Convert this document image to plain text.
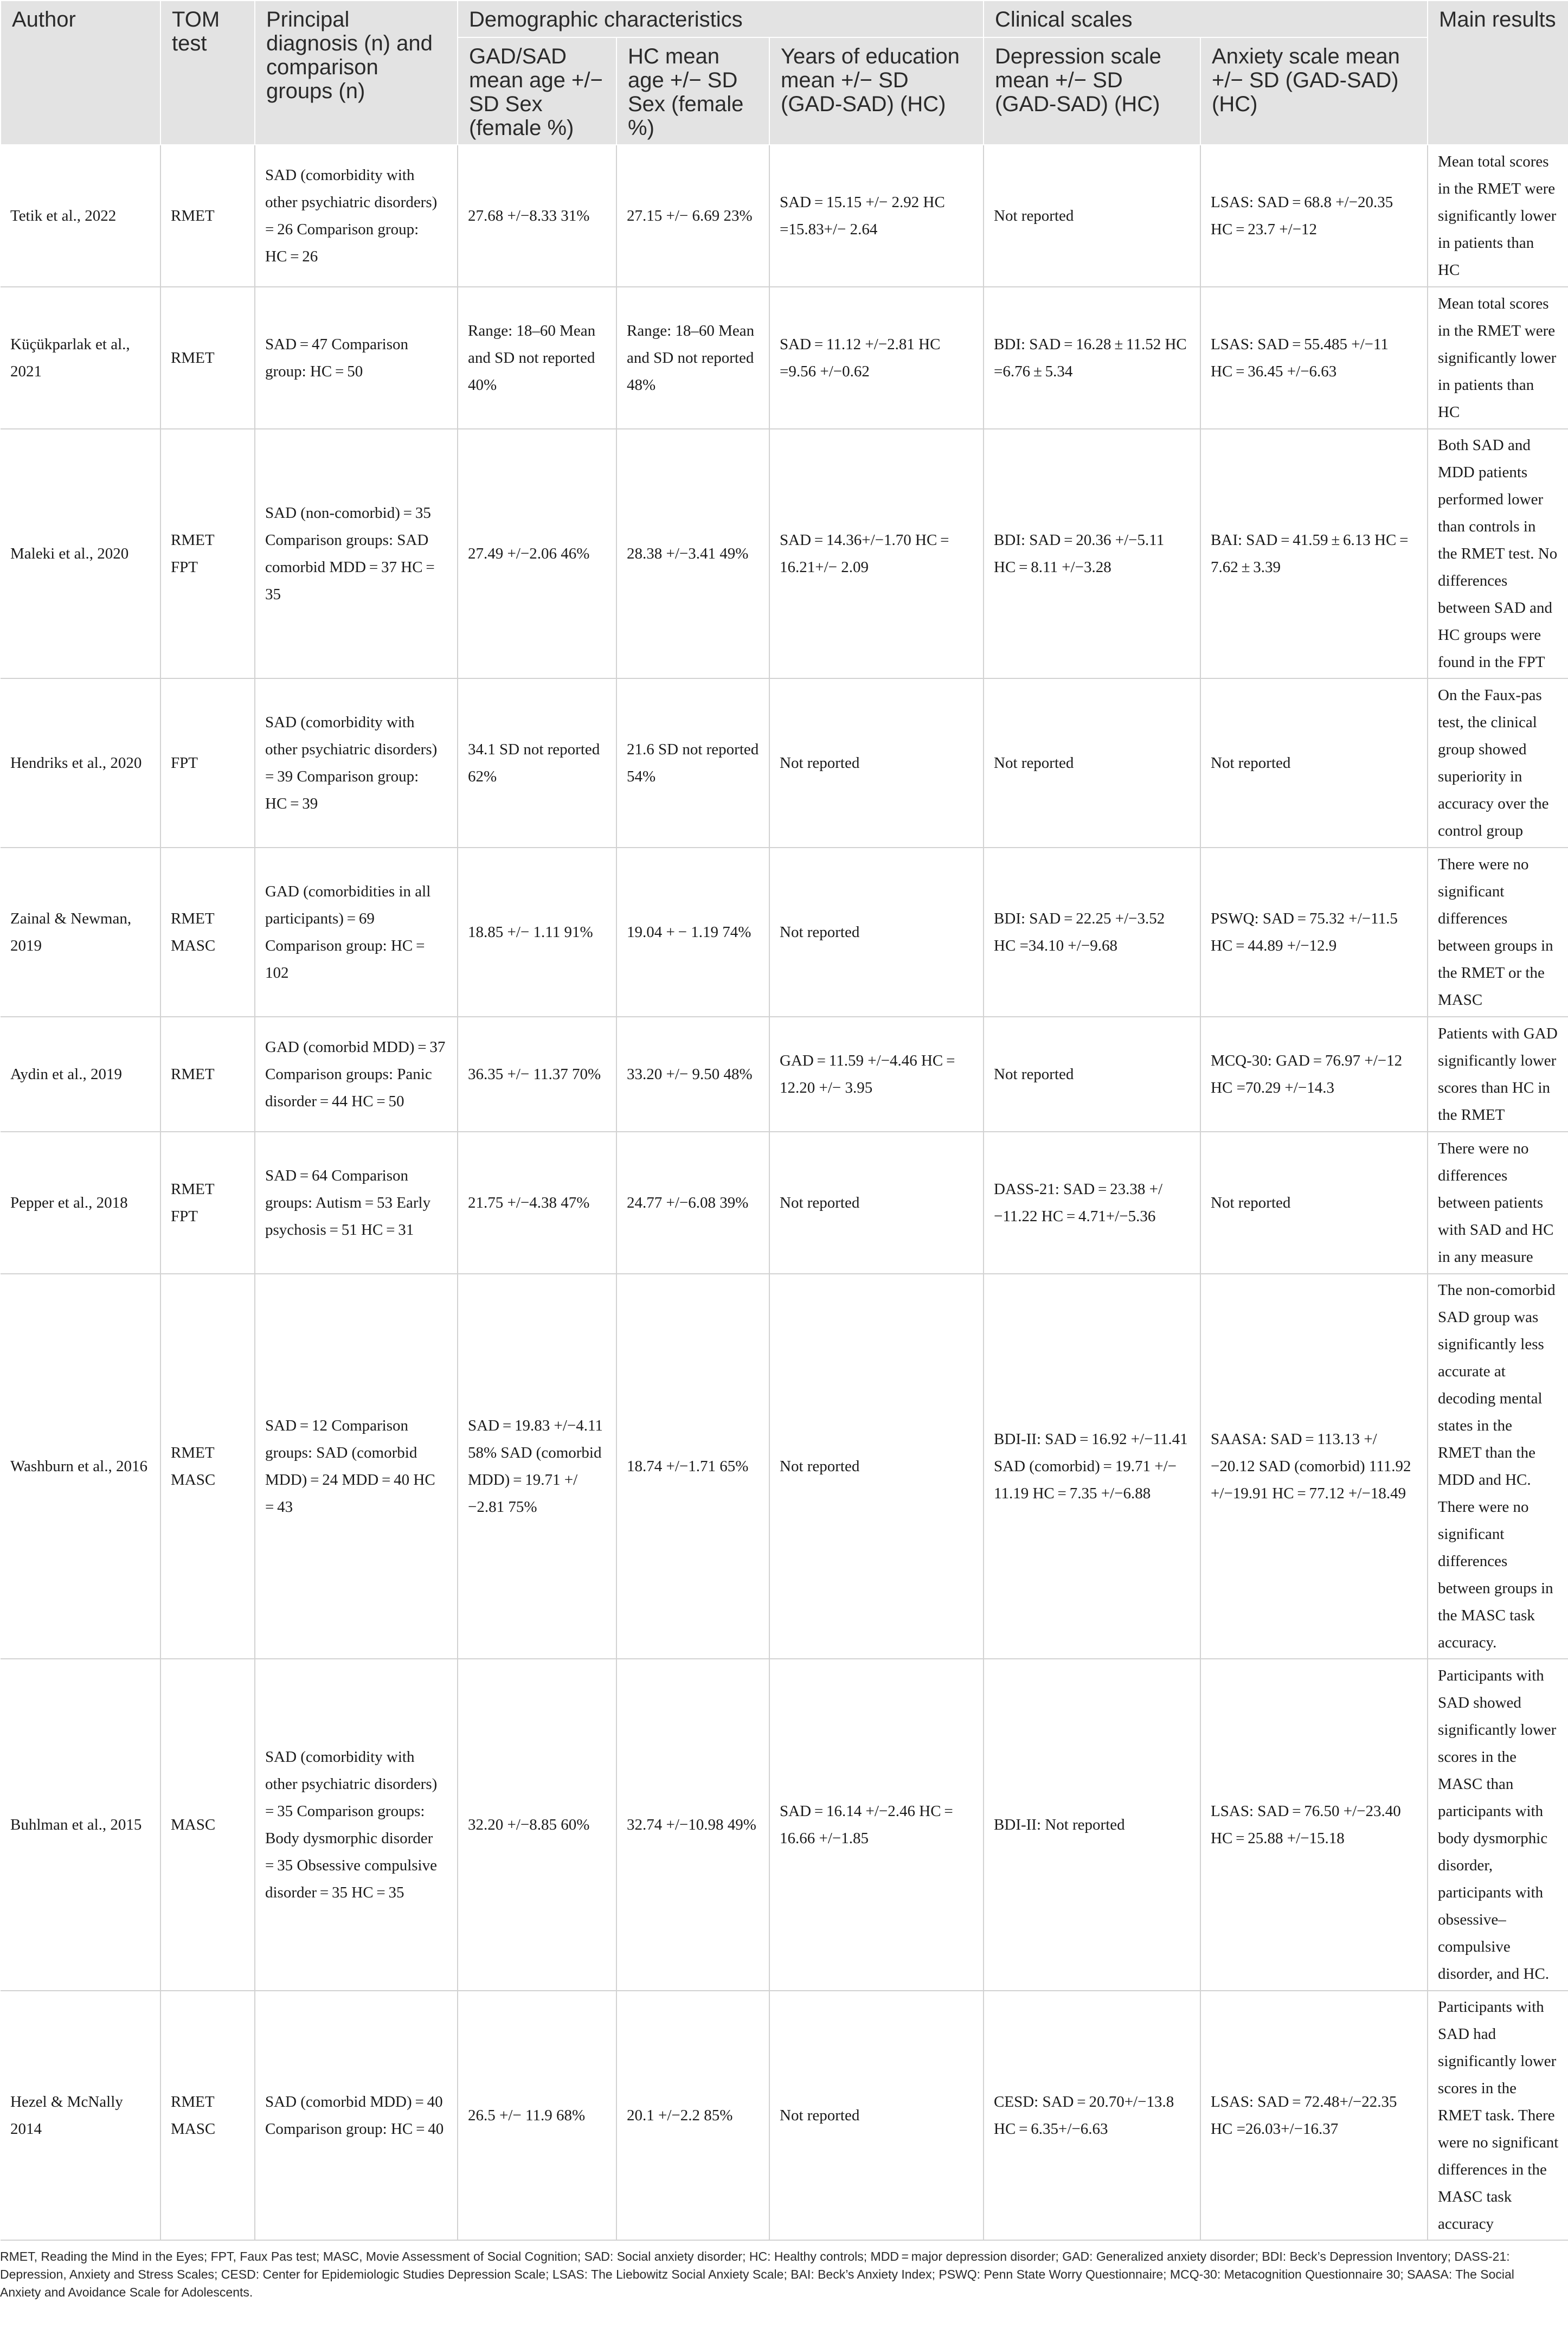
Author	TOM test	Principal diagnosis (n) and comparison groups (n)	Demographic characteristics			Clinical scales		Main results
			GAD/SAD mean age +/− SD Sex (female %)	HC mean age +/− SD Sex (female %)	Years of education mean +/− SD (GAD-SAD) (HC)	Depression scale mean +/− SD (GAD-SAD) (HC)	Anxiety scale mean +/− SD (GAD-SAD) (HC)	
Tetik et al., 2022	RMET	SAD (comorbidity with other psychiatric disorders) = 26 Comparison group: HC = 26	27.68 +/−8.33 31%	27.15 +/− 6.69 23%	SAD = 15.15 +/− 2.92 HC =15.83+/− 2.64	Not reported	LSAS: SAD = 68.8 +/−20.35 HC = 23.7 +/−12	Mean total scores in the RMET were significantly lower in patients than HC
Küçükparlak et al., 2021	RMET	SAD = 47 Comparison group: HC = 50	Range: 18–60 Mean and SD not reported 40%	Range: 18–60 Mean and SD not reported 48%	SAD = 11.12 +/−2.81 HC =9.56 +/−0.62	BDI: SAD = 16.28 ± 11.52 HC =6.76 ± 5.34	LSAS: SAD = 55.485 +/−11 HC = 36.45 +/−6.63	Mean total scores in the RMET were significantly lower in patients than HC
Maleki et al., 2020	RMET FPT	SAD (non-comorbid) = 35 Comparison groups: SAD comorbid MDD = 37 HC = 35	27.49 +/−2.06 46%	28.38 +/−3.41 49%	SAD = 14.36+/−1.70 HC = 16.21+/− 2.09	BDI: SAD = 20.36 +/−5.11 HC = 8.11 +/−3.28	BAI: SAD = 41.59 ± 6.13 HC = 7.62 ± 3.39	Both SAD and MDD patients performed lower than controls in the RMET test. No differences between SAD and HC groups were found in the FPT
Hendriks et al., 2020	FPT	SAD (comorbidity with other psychiatric disorders) = 39 Comparison group: HC = 39	34.1 SD not reported 62%	21.6 SD not reported 54%	Not reported	Not reported	Not reported	On the Faux-pas test, the clinical group showed superiority in accuracy over the control group
Zainal & Newman, 2019	RMET MASC	GAD (comorbidities in all participants) = 69 Comparison group: HC = 102	18.85 +/− 1.11 91%	19.04 + − 1.19 74%	Not reported	BDI: SAD = 22.25 +/−3.52 HC =34.10 +/−9.68	PSWQ: SAD = 75.32 +/−11.5 HC = 44.89 +/−12.9	There were no significant differences between groups in the RMET or the MASC
Aydin et al., 2019	RMET	GAD (comorbid MDD) = 37 Comparison groups: Panic disorder = 44 HC = 50	36.35 +/− 11.37 70%	33.20 +/− 9.50 48%	GAD = 11.59 +/−4.46 HC = 12.20 +/− 3.95	Not reported	MCQ-30: GAD = 76.97 +/−12 HC =70.29 +/−14.3	Patients with GAD significantly lower scores than HC in the RMET
Pepper et al., 2018	RMET FPT	SAD = 64 Comparison groups: Autism = 53 Early psychosis = 51 HC = 31	21.75 +/−4.38 47%	24.77 +/−6.08 39%	Not reported	DASS-21: SAD = 23.38 +/−11.22 HC = 4.71+/−5.36	Not reported	There were no differences between patients with SAD and HC in any measure
Washburn et al., 2016	RMET MASC	SAD = 12 Comparison groups: SAD (comorbid MDD) = 24 MDD = 40 HC = 43	SAD = 19.83 +/−4.11 58% SAD (comorbid MDD) = 19.71 +/−2.81 75%	18.74 +/−1.71 65%	Not reported	BDI-II: SAD = 16.92 +/−11.41 SAD (comorbid) = 19.71 +/− 11.19 HC = 7.35 +/−6.88	SAASA: SAD = 113.13 +/−20.12 SAD (comorbid) 111.92 +/−19.91 HC = 77.12 +/−18.49	The non-comorbid SAD group was significantly less accurate at decoding mental states in the RMET than the MDD and HC. There were no significant differences between groups in the MASC task accuracy.
Buhlman et al., 2015	MASC	SAD (comorbidity with other psychiatric disorders) = 35 Comparison groups: Body dysmorphic disorder = 35 Obsessive compulsive disorder = 35 HC = 35	32.20 +/−8.85 60%	32.74 +/−10.98 49%	SAD = 16.14 +/−2.46 HC = 16.66 +/−1.85	BDI-II: Not reported	LSAS: SAD = 76.50 +/−23.40 HC = 25.88 +/−15.18	Participants with SAD showed significantly lower scores in the MASC than participants with body dysmorphic disorder, participants with obsessive–compulsive disorder, and HC.
Hezel & McNally 2014	RMET MASC	SAD (comorbid MDD) = 40 Comparison group: HC = 40	26.5 +/− 11.9 68%	20.1 +/−2.2 85%	Not reported	CESD: SAD = 20.70+/−13.8 HC = 6.35+/−6.63	LSAS: SAD = 72.48+/−22.35 HC =26.03+/−16.37	Participants with SAD had significantly lower scores in the RMET task. There were no significant differences in the MASC task accuracy
RMET, Reading the Mind in the Eyes; FPT, Faux Pas test; MASC, Movie Assessment of Social Cognition; SAD: Social anxiety disorder; HC: Healthy controls; MDD = major depression disorder; GAD: Generalized anxiety disorder; BDI: Beck’s Depression Inventory; DASS-21: Depression, Anxiety and Stress Scales; CESD: Center for Epidemiologic Studies Depression Scale; LSAS: The Liebowitz Social Anxiety Scale; BAI: Beck’s Anxiety Index; PSWQ: Penn State Worry Questionnaire; MCQ-30: Metacognition Questionnaire 30; SAASA: The Social Anxiety and Avoidance Scale for Adolescents.
